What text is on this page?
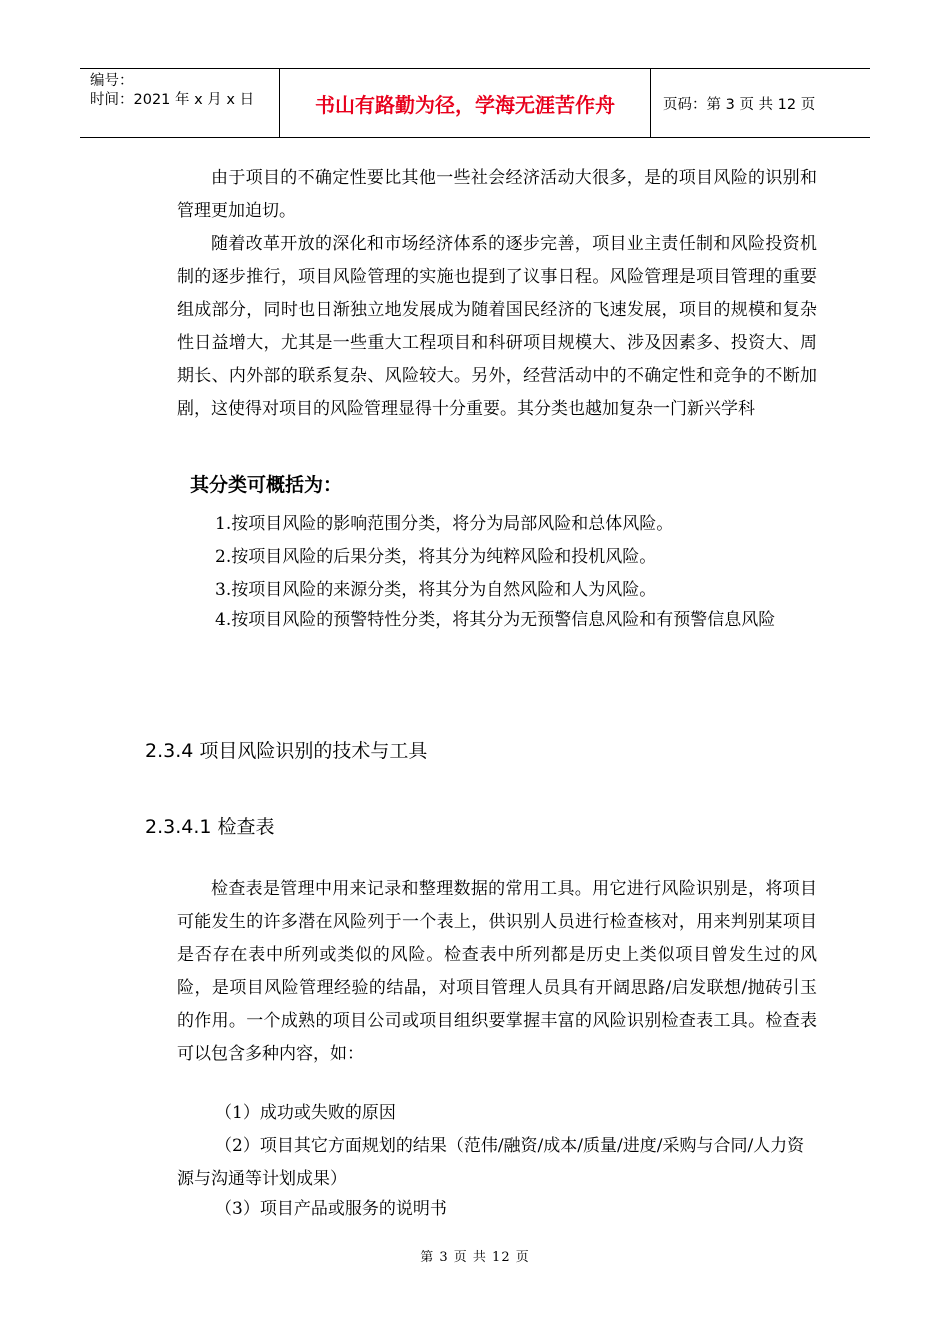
编号：
时间：2021 年 x 月 x 日	书山有路勤为径，学海无涯苦作舟	页码：第 3 页 共 12 页
由于项目的不确定性要比其他一些社会经济活动大很多，是的项目风险的识别和管理更加迫切。
随着改革开放的深化和市场经济体系的逐步完善，项目业主责任制和风险投资机制的逐步推行，项目风险管理的实施也提到了议事日程。风险管理是项目管理的重要组成部分，同时也日渐独立地发展成为随着国民经济的飞速发展，项目的规模和复杂性日益增大，尤其是一些重大工程项目和科研项目规模大、涉及因素多、投资大、周期长、内外部的联系复杂、风险较大。另外，经营活动中的不确定性和竞争的不断加剧，这使得对项目的风险管理显得十分重要。其分类也越加复杂一门新兴学科
其分类可概括为：
1.按项目风险的影响范围分类，将分为局部风险和总体风险。
2.按项目风险的后果分类，将其分为纯粹风险和投机风险。
3.按项目风险的来源分类，将其分为自然风险和人为风险。
4.按项目风险的预警特性分类，将其分为无预警信息风险和有预警信息风险
2.3.4 项目风险识别的技术与工具
2.3.4.1 检查表
检查表是管理中用来记录和整理数据的常用工具。用它进行风险识别是，将项目可能发生的许多潜在风险列于一个表上，供识别人员进行检查核对，用来判别某项目是否存在表中所列或类似的风险。检查表中所列都是历史上类似项目曾发生过的风险，是项目风险管理经验的结晶，对项目管理人员具有开阔思路/启发联想/抛砖引玉的作用。一个成熟的项目公司或项目组织要掌握丰富的风险识别检查表工具。检查表可以包含多种内容，如：
（1）成功或失败的原因
（2）项目其它方面规划的结果（范伟/融资/成本/质量/进度/采购与合同/人力资源与沟通等计划成果）
（3）项目产品或服务的说明书
第 3 页 共 12 页
